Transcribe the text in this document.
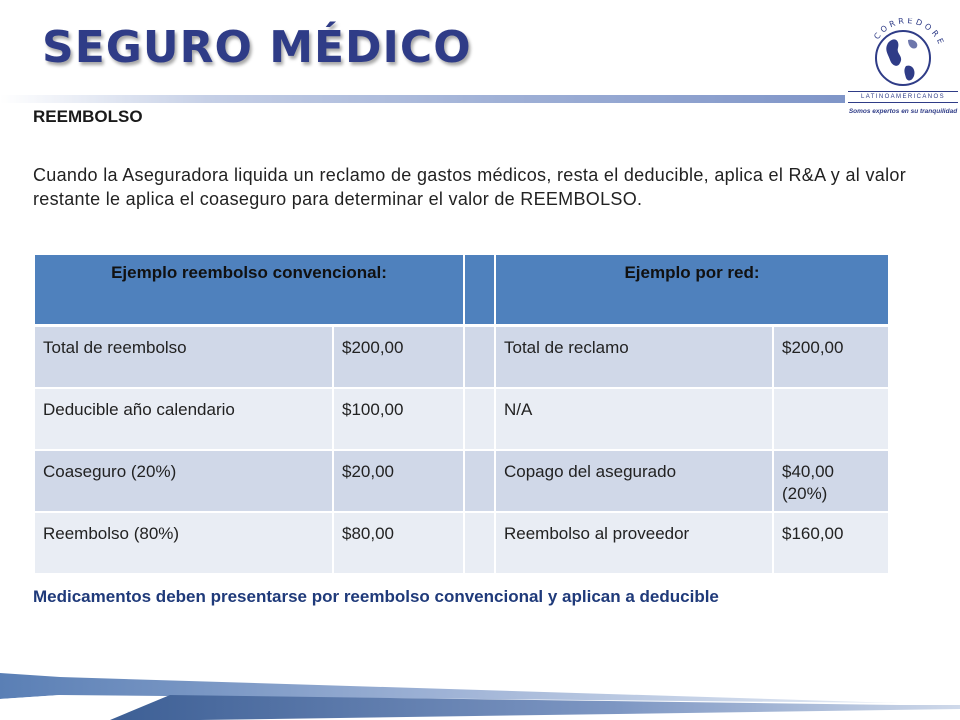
SEGURO MÉDICO	CORREDORE
LATINOAMERICANOS
Somos expertos en su tranquilidad
REEMBOLSO

Cuando la Aseguradora liquida un reclamo de gastos médicos, resta el deducible, aplica el R&A y al valor restante le aplica el coaseguro para determinar el valor de REEMBOLSO.

Ejemplo reembolso convencional:			Ejemplo por red:	
Total de reembolso	$200,00		Total de reclamo	$200,00
Deducible año calendario	$100,00		N/A	
Coaseguro (20%)	$20,00		Copago del asegurado	$40,00 (20%)
Reembolso (80%)	$80,00		Reembolso al proveedor	$160,00

Medicamentos deben presentarse por reembolso convencional y aplican a deducible
